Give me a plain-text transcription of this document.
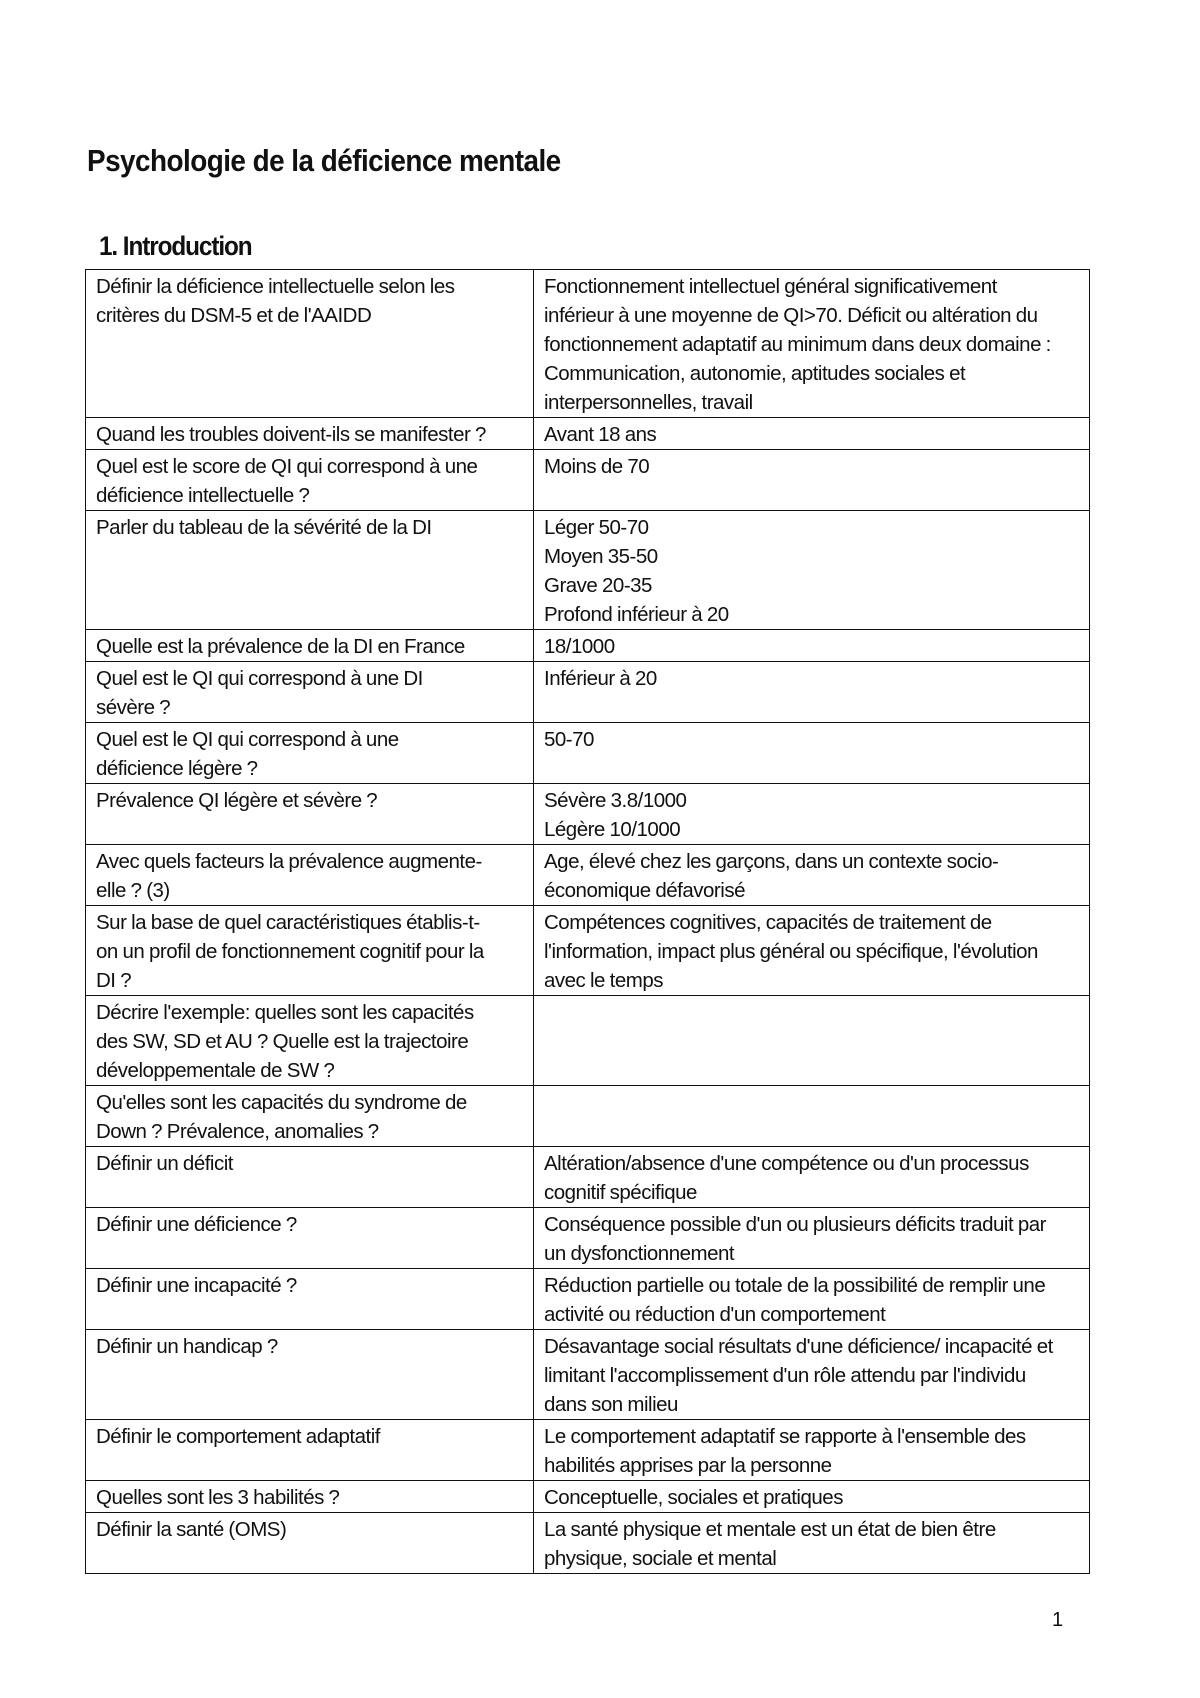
Psychologie de la déficience mentale
1. Introduction
Définir la déficience intellectuelle selon les
critères du DSM-5 et de l'AAIDD	Fonctionnement intellectuel général significativement
inférieur à une moyenne de QI>70. Déficit ou altération du
fonctionnement adaptatif au minimum dans deux domaine :
Communication, autonomie, aptitudes sociales et
interpersonnelles, travail

Quand les troubles doivent-ils se manifester ?	Avant 18 ans

Quel est le score de QI qui correspond à une
déficience intellectuelle ?	Moins de 70

Parler du tableau de la sévérité de la DI	Léger 50-70
Moyen 35-50
Grave 20-35
Profond inférieur à 20

Quelle est la prévalence de la DI en France	18/1000

Quel est le QI qui correspond à une DI
sévère ?	Inférieur à 20

Quel est le QI qui correspond à une
déficience légère ?	50-70

Prévalence QI légère et sévère ?	Sévère 3.8/1000
Légère 10/1000

Avec quels facteurs la prévalence augmente-
elle ? (3)	Age, élevé chez les garçons, dans un contexte socio-
économique défavorisé

Sur la base de quel caractéristiques établis-t-
on un profil de fonctionnement cognitif pour la
DI ?	Compétences cognitives, capacités de traitement de
l'information, impact plus général ou spécifique, l'évolution
avec le temps

Décrire l'exemple: quelles sont les capacités
des SW, SD et AU ? Quelle est la trajectoire
développementale de SW ?	

Qu'elles sont les capacités du syndrome de
Down ? Prévalence, anomalies ?	

Définir un déficit	Altération/absence d'une compétence ou d'un processus
cognitif spécifique

Définir une déficience ?	Conséquence possible d'un ou plusieurs déficits traduit par
un dysfonctionnement

Définir une incapacité ?	Réduction partielle ou totale de la possibilité de remplir une
activité ou réduction d'un comportement

Définir un handicap ?	Désavantage social résultats d'une déficience/ incapacité et
limitant l'accomplissement d'un rôle attendu par l'individu
dans son milieu

Définir le comportement adaptatif	Le comportement adaptatif se rapporte à l'ensemble des
habilités apprises par la personne

Quelles sont les 3 habilités ?	Conceptuelle, sociales et pratiques

Définir la santé (OMS)	La santé physique et mentale est un état de bien être
physique, sociale et mental
1
